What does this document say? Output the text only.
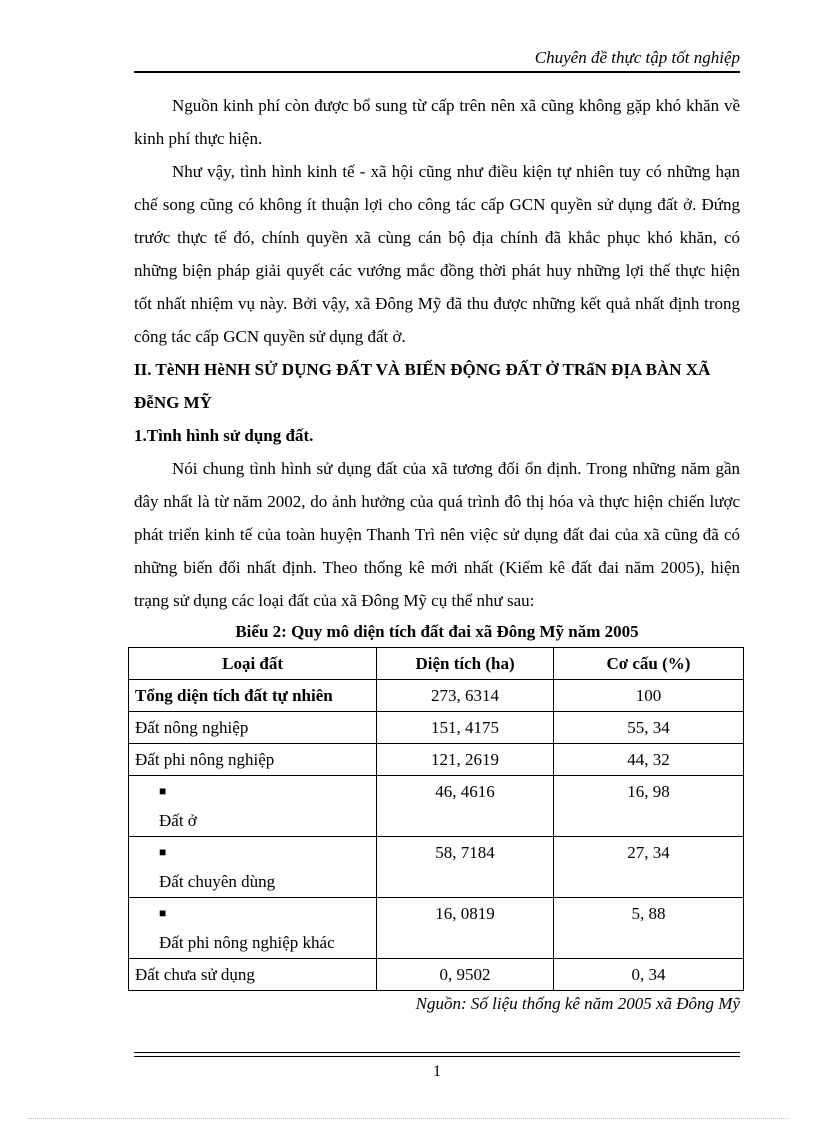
Chuyên đề thực tập tốt nghiệp

Nguồn kinh phí còn được bổ sung từ cấp trên nên xã cũng không gặp khó khăn về kinh phí thực hiện.

Như vậy, tình hình kinh tế - xã hội cũng như điều kiện tự nhiên tuy có những hạn chế song cũng có không ít thuận lợi cho công tác cấp GCN quyền sử dụng đất ở. Đứng trước thực tế đó, chính quyền xã cùng cán bộ địa chính đã khắc phục khó khăn, có những biện pháp giải quyết các vướng mắc đồng thời phát huy những lợi thế thực hiện tốt nhất nhiệm vụ này. Bởi vậy, xã Đông Mỹ đã thu được những kết quả nhất định trong công tác cấp GCN quyền sử dụng đất ở.

II. TèNH HèNH SỬ DỤNG ĐẤT VÀ BIẾN ĐỘNG ĐẤT Ở TRấN ĐỊA BÀN XÃ ĐễNG MỸ
1.Tình hình sử dụng đất.

Nói chung tình hình sử dụng đất của xã tương đối ổn định. Trong những năm gần đây nhất là từ năm 2002, do ảnh hưởng của quá trình đô thị hóa và thực hiện chiến lược phát triển kinh tế của toàn huyện Thanh Trì nên việc sử dụng đất đai của xã cũng đã có những biến đổi nhất định. Theo thống kê mới nhất (Kiểm kê đất đai năm 2005), hiện trạng sử dụng các loại đất của xã Đông Mỹ cụ thể như sau:

Biểu 2: Quy mô diện tích đất đai xã Đông Mỹ năm 2005
Loại đất	Diện tích (ha)	Cơ cấu (%)
Tổng diện tích đất tự nhiên	273, 6314	100
Đất nông nghiệp	151, 4175	55, 34
Đất phi nông nghiệp	121, 2619	44, 32
■Đất ở	46, 4616	16, 98
■Đất chuyên dùng	58, 7184	27, 34
■Đất phi nông nghiệp khác	16, 0819	5, 88
Đất chưa sử dụng	0, 9502	0, 34
Nguồn: Số liệu thống kê năm 2005 xã Đông Mỹ
1
